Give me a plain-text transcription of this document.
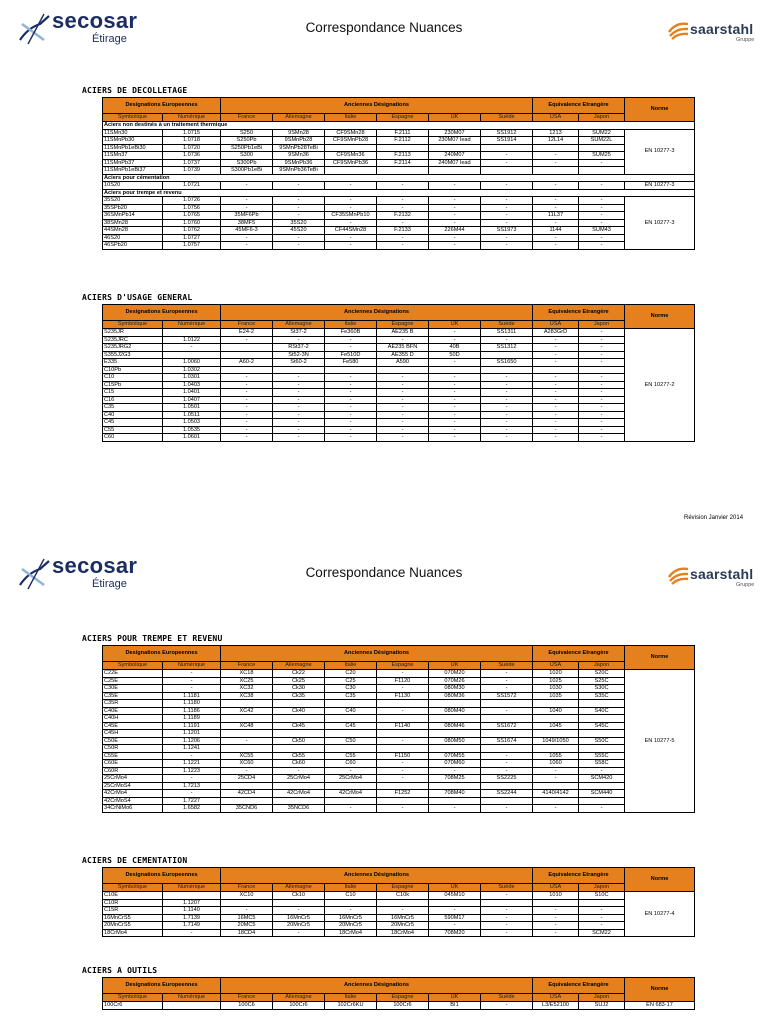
secosar
Étirage
Correspondance Nuances	saarstahl
Gruppe
secosar
Étirage
Correspondance Nuances	saarstahl
Gruppe
ACIERS DE DECOLLETAGE
ACIERS D'USAGE GENERAL
ACIERS POUR TREMPE ET REVENU
ACIERS DE CEMENTATION
ACIERS A OUTILS
Designations Europeennes		Anciennes Désignations						Equivalence Etrangère		Norme
Symbolique	Numérique	France	Allemagne	Italie	Espagne	UK	Suède	USA	Japon	
Aciers non destinés à un traitement thermique										
11SMn30	1.0715	S250	9SMn28	CF9SMn28	F.2111	230M07	SS1912	1213	SUM22	EN 10277-3
11SMnPb30	1.0718	S250Pb	9SMnPb28	CF9SMnPb28	F.2112	230M07 lead	SS1914	12L14	SUM22L	
11SMnPb1eBi30	1.0720	S250Pb1eBi	9SMnPb28TeBi							
11SMn37	1.0736	S300	9SMn36	CF9SMn36	F.2113	240M07	-	-	SUM25	
11SMnPb37	1.0737	S300Pb	9SMnPb36	CF9SMnPb36	F.2114	240M07 lead	-	-	-	
11SMnPb1eBi37	1.0739	S300Pb1eBi	9SMnPb36TeBi							
Aciers pour cémentation										
10S20	1.0721	-	-	-	-	-	-	-	-	EN 10277-3
Aciers pour trempe et revenu										
35S20	1.0726	-	-	-	-	-	-	-	-	EN 10277-3
35SPb20	1.0756	-	-	-	-	-	-	-	-	
36SMnPb14	1.0765	35MF6Pb	-	CF35SMnPb10	F.2132	-	-	11L37	-	
38SMn28	1.0760	38MF5	35S20	-	-	-	-	-	-	
44SMn28	1.0762	45MF6-3	45S20	CF44SMn28	F.2133	226M44	SS1973	1144	SUM43	
46S20	1.0727	-	-	-	-	-	-	-	-	
46SPb20	1.0757	-	-	-	-	-	-	-	-	
Designations Europeennes		Anciennes Désignations						Equivalence Etrangère		Norme
Symbolique	Numérique	France	Allemagne	Italie	Espagne	UK	Suède	USA	Japon	
S235JR		E24-2	St37-2	Fe360B	AE235 B	-	SS1311	A283GrD	-	EN 10277-2
S235JRC	1.0122	-	-	-	-	-	-	-	-	
S235JRG2	-		RSt37-2	-	AE235 BFN	40B	SS1312	-	-	
S355J2G3			St52-3N	Fe510D	AE355 D	50D		-	-	
E335	1.0060	A60-2	St60-2	Fe580	A590	-	SS1650	-	-	
C10Pb	1.0302									
C10	1.0301	-	-	-	-	-	-	-	-	
C15Pb	1.0403	-	-	-	-	-	-	-	-	
C15	1.0401	-	-	-	-	-	-	-	-	
C16	1.0407	-	-	-	-	-	-	-	-	
C35	1.0501	-	-	-	-	-	-	-	-	
C40	1.0511	-	-	-	-	-	-	-	-	
C45	1.0503	-	-	-	-	-	-	-	-	
C55	1.0535	-	-	-	-	-	-	-	-	
C60	1.0601	-	-	-	-	-	-	-	-	
Designations Europeennes		Anciennes Désignations						Equivalence Etrangère		Norme
Symbolique	Numérique	France	Allemagne	Italie	Espagne	UK	Suède	USA	Japon	
C22E	-	XC18	Ck22	C20	-	070M20	-	1020	S20C	EN 10277-5
C25E	-	XC25	Ck25	C25	F1120	070M26	-	1025	S25C	
C30E	-	XC32	Ck30	C30	-	080M30	-	1030	S30C	
C35E	1.1181	XC38	Ck35	C35	F1130	080M36	SS1572	1035	S35C	
C35R	1.1180									
C40E	1.1186	XC42	Ck40	C40	-	080M40	-	1040	S40C	
C40H	1.1189									
C45E	1.1191	XC48	Ck45	C45	F1140	080M46	SS1672	1045	S45C	
C45H	1.1201									
C50E	1.1206	-	Ck50	C50	-	080M50	SS1674	1049/1050	S50C	
C50R	1.1241									
C55E	-	XC55	Ck55	C55	F1150	070M55	-	1055	S55C	
C60E	1.1221	XC60	Ck60	C60	-	070M60	-	1060	S58C	
C60R	1.1223	-	-	-	-	-	-	-	-	
25CrMo4	-	25CD4	25CrMo4	25CrMo4	-	708M25	SS2225	-	SCM420	
25CrMoS4	1.7213									
42CrMo4	-	42CD4	42CrMo4	42CrMo4	F1252	708M40	SS2244	4140/4142	SCM440	
42CrMoS4	1.7227									
34CrNiMo6	1.6582	35CND6	35NCD6	-	-	-	-	-	-	
Designations Europeennes		Anciennes Désignations						Equivalence Etrangère		Norme
Symbolique	Numérique	France	Allemagne	Italie	Espagne	UK	Suède	USA	Japon	
C10E		XC10	Ck10	C10	C10k	045M10	-	1010	S10C	EN 10277-4
C10R	1.1207									
C15R	1.1140	-	-	-	-	-	-	-	-	
16MnCrS5	1.7139	16MC5	16MnCr5	16MnCr5	16MnCr5	590M17	-	-	-	
20MnCrS5	1.7149	20MC5	20MnCr5	20MnCr5	20MnCr5	-	-	-	-	
18CrMo4	-	18CD4	-	18CrMo4	18CrMo4	708M20	-	-	SCM22	
Designations Europeennes		Anciennes Désignations						Equivalence Etrangère		Norme
Symbolique	Numérique	France	Allemagne	Italie	Espagne	UK	Suède	USA	Japon	
100Cr6		100C6	100Cr6	102Cr6KU	100Cr6	BI1	-	L3/E52100	SUJ2	EN 683-17
Révision Janvier 2014
